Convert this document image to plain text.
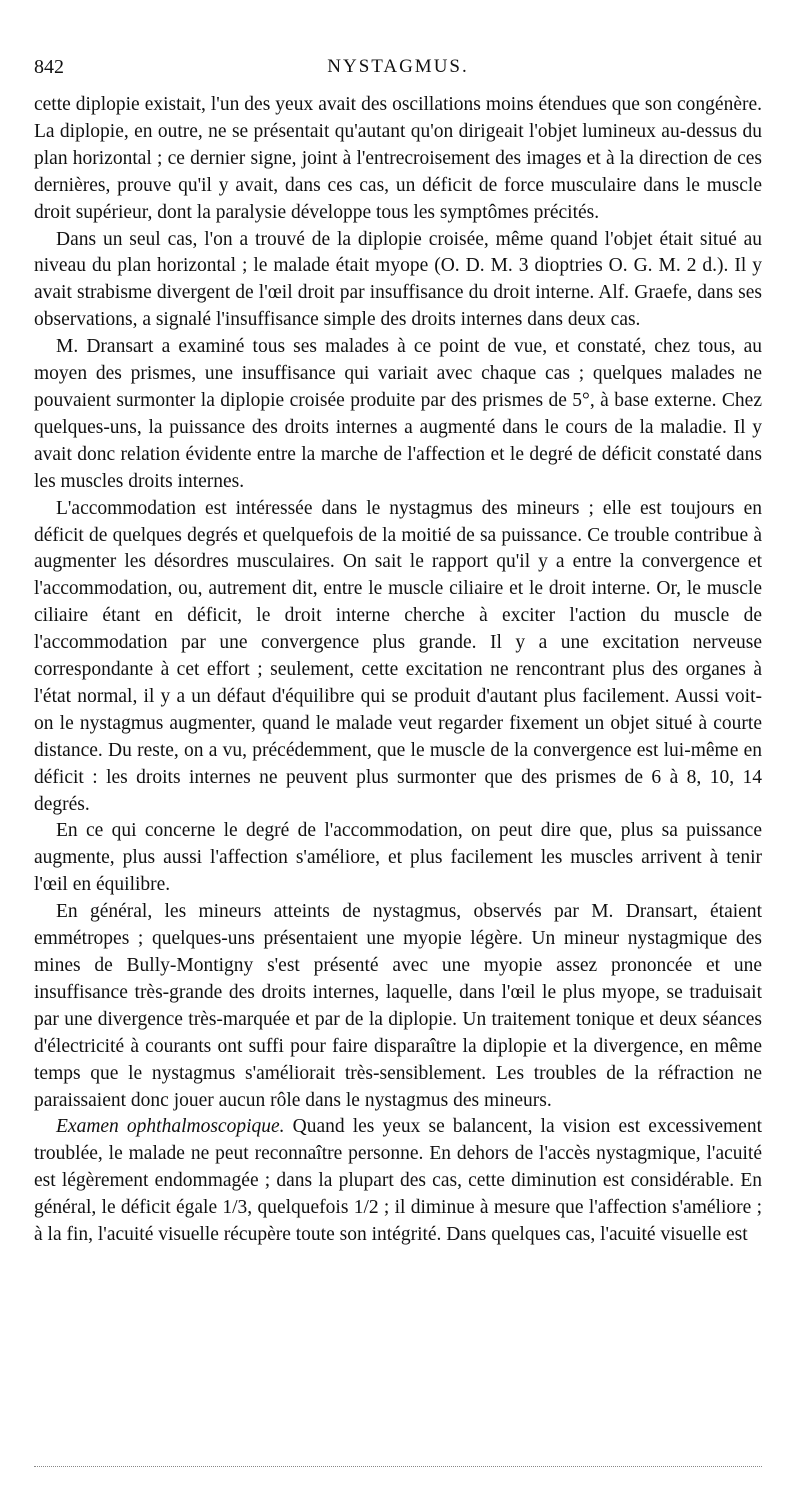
842	NYSTAGMUS.

cette diplopie existait, l'un des yeux avait des oscillations moins étendues que son congénère. La diplopie, en outre, ne se présentait qu'autant qu'on dirigeait l'objet lumineux au-dessus du plan horizontal ; ce dernier signe, joint à l'entrecroisement des images et à la direction de ces dernières, prouve qu'il y avait, dans ces cas, un déficit de force musculaire dans le muscle droit supérieur, dont la paralysie développe tous les symptômes précités.

Dans un seul cas, l'on a trouvé de la diplopie croisée, même quand l'objet était situé au niveau du plan horizontal ; le malade était myope (O. D. M. 3 dioptries O. G. M. 2 d.). Il y avait strabisme divergent de l'œil droit par insuffisance du droit interne. Alf. Graefe, dans ses observations, a signalé l'insuffisance simple des droits internes dans deux cas.

M. Dransart a examiné tous ses malades à ce point de vue, et constaté, chez tous, au moyen des prismes, une insuffisance qui variait avec chaque cas ; quelques malades ne pouvaient surmonter la diplopie croisée produite par des prismes de 5°, à base externe. Chez quelques-uns, la puissance des droits internes a augmenté dans le cours de la maladie. Il y avait donc relation évidente entre la marche de l'affection et le degré de déficit constaté dans les muscles droits internes.

L'accommodation est intéressée dans le nystagmus des mineurs ; elle est toujours en déficit de quelques degrés et quelquefois de la moitié de sa puissance. Ce trouble contribue à augmenter les désordres musculaires. On sait le rapport qu'il y a entre la convergence et l'accommodation, ou, autrement dit, entre le muscle ciliaire et le droit interne. Or, le muscle ciliaire étant en déficit, le droit interne cherche à exciter l'action du muscle de l'accommodation par une convergence plus grande. Il y a une excitation nerveuse correspondante à cet effort ; seulement, cette excitation ne rencontrant plus des organes à l'état normal, il y a un défaut d'équilibre qui se produit d'autant plus facilement. Aussi voit-on le nystagmus augmenter, quand le malade veut regarder fixement un objet situé à courte distance. Du reste, on a vu, précédemment, que le muscle de la convergence est lui-même en déficit : les droits internes ne peuvent plus surmonter que des prismes de 6 à 8, 10, 14 degrés.

En ce qui concerne le degré de l'accommodation, on peut dire que, plus sa puissance augmente, plus aussi l'affection s'améliore, et plus facilement les muscles arrivent à tenir l'œil en équilibre.

En général, les mineurs atteints de nystagmus, observés par M. Dransart, étaient emmétropes ; quelques-uns présentaient une myopie légère. Un mineur nystagmique des mines de Bully-Montigny s'est présenté avec une myopie assez prononcée et une insuffisance très-grande des droits internes, laquelle, dans l'œil le plus myope, se traduisait par une divergence très-marquée et par de la diplopie. Un traitement tonique et deux séances d'électricité à courants ont suffi pour faire disparaître la diplopie et la divergence, en même temps que le nystagmus s'améliorait très-sensiblement. Les troubles de la réfraction ne paraissaient donc jouer aucun rôle dans le nystagmus des mineurs.

Examen ophthalmoscopique. Quand les yeux se balancent, la vision est excessivement troublée, le malade ne peut reconnaître personne. En dehors de l'accès nystagmique, l'acuité est légèrement endommagée ; dans la plupart des cas, cette diminution est considérable. En général, le déficit égale 1/3, quelquefois 1/2 ; il diminue à mesure que l'affection s'améliore ; à la fin, l'acuité visuelle récupère toute son intégrité. Dans quelques cas, l'acuité visuelle est
